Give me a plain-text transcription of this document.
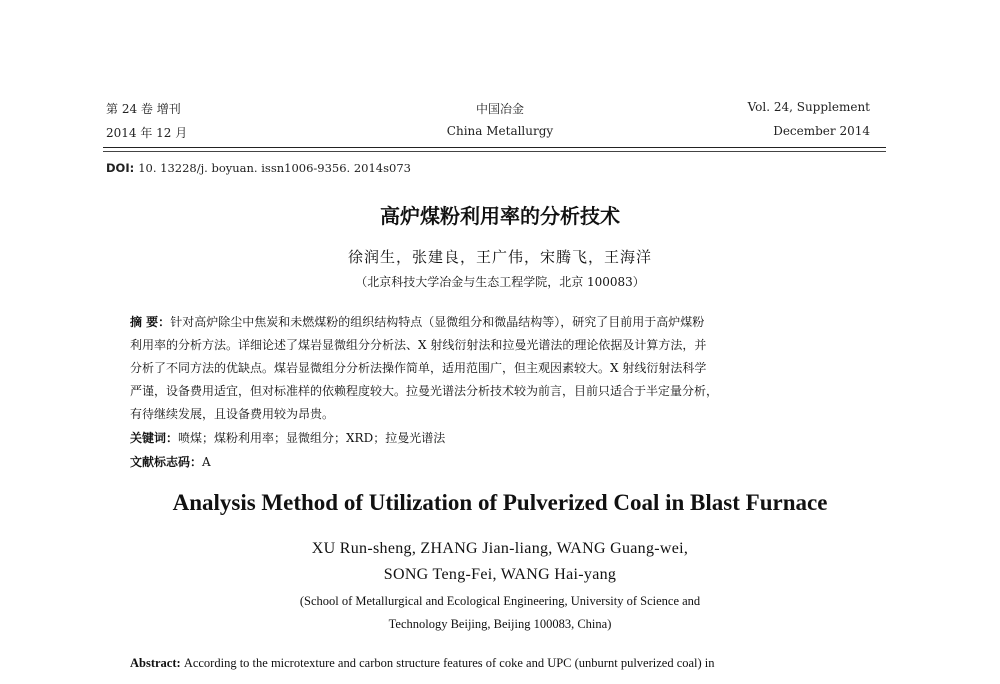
第 24 卷 增刊
2014 年 12 月
中国冶金
China Metallurgy
Vol. 24, Supplement
December 2014
DOI: 10. 13228/j. boyuan. issn1006-9356. 2014s073
高炉煤粉利用率的分析技术
徐润生，张建良，王广伟，宋腾飞，王海洋
（北京科技大学冶金与生态工程学院，北京 100083）
摘 要：针对高炉除尘中焦炭和未燃煤粉的组织结构特点（显微组分和微晶结构等），研究了目前用于高炉煤粉
利用率的分析方法。详细论述了煤岩显微组分分析法、X 射线衍射法和拉曼光谱法的理论依据及计算方法，并
分析了不同方法的优缺点。煤岩显微组分分析法操作简单，适用范围广，但主观因素较大。X 射线衍射法科学
严谨，设备费用适宜，但对标准样的依赖程度较大。拉曼光谱法分析技术较为前言，目前只适合于半定量分析，
有待继续发展，且设备费用较为昂贵。
关键词：喷煤；煤粉利用率；显微组分；XRD；拉曼光谱法
文献标志码：A
Analysis Method of Utilization of Pulverized Coal in Blast Furnace
XU Run-sheng, ZHANG Jian-liang, WANG Guang-wei,
SONG Teng-Fei, WANG Hai-yang
(School of Metallurgical and Ecological Engineering, University of Science and
Technology Beijing, Beijing 100083, China)
Abstract: According to the microtexture and carbon structure features of coke and UPC (unburnt pulverized coal) in
